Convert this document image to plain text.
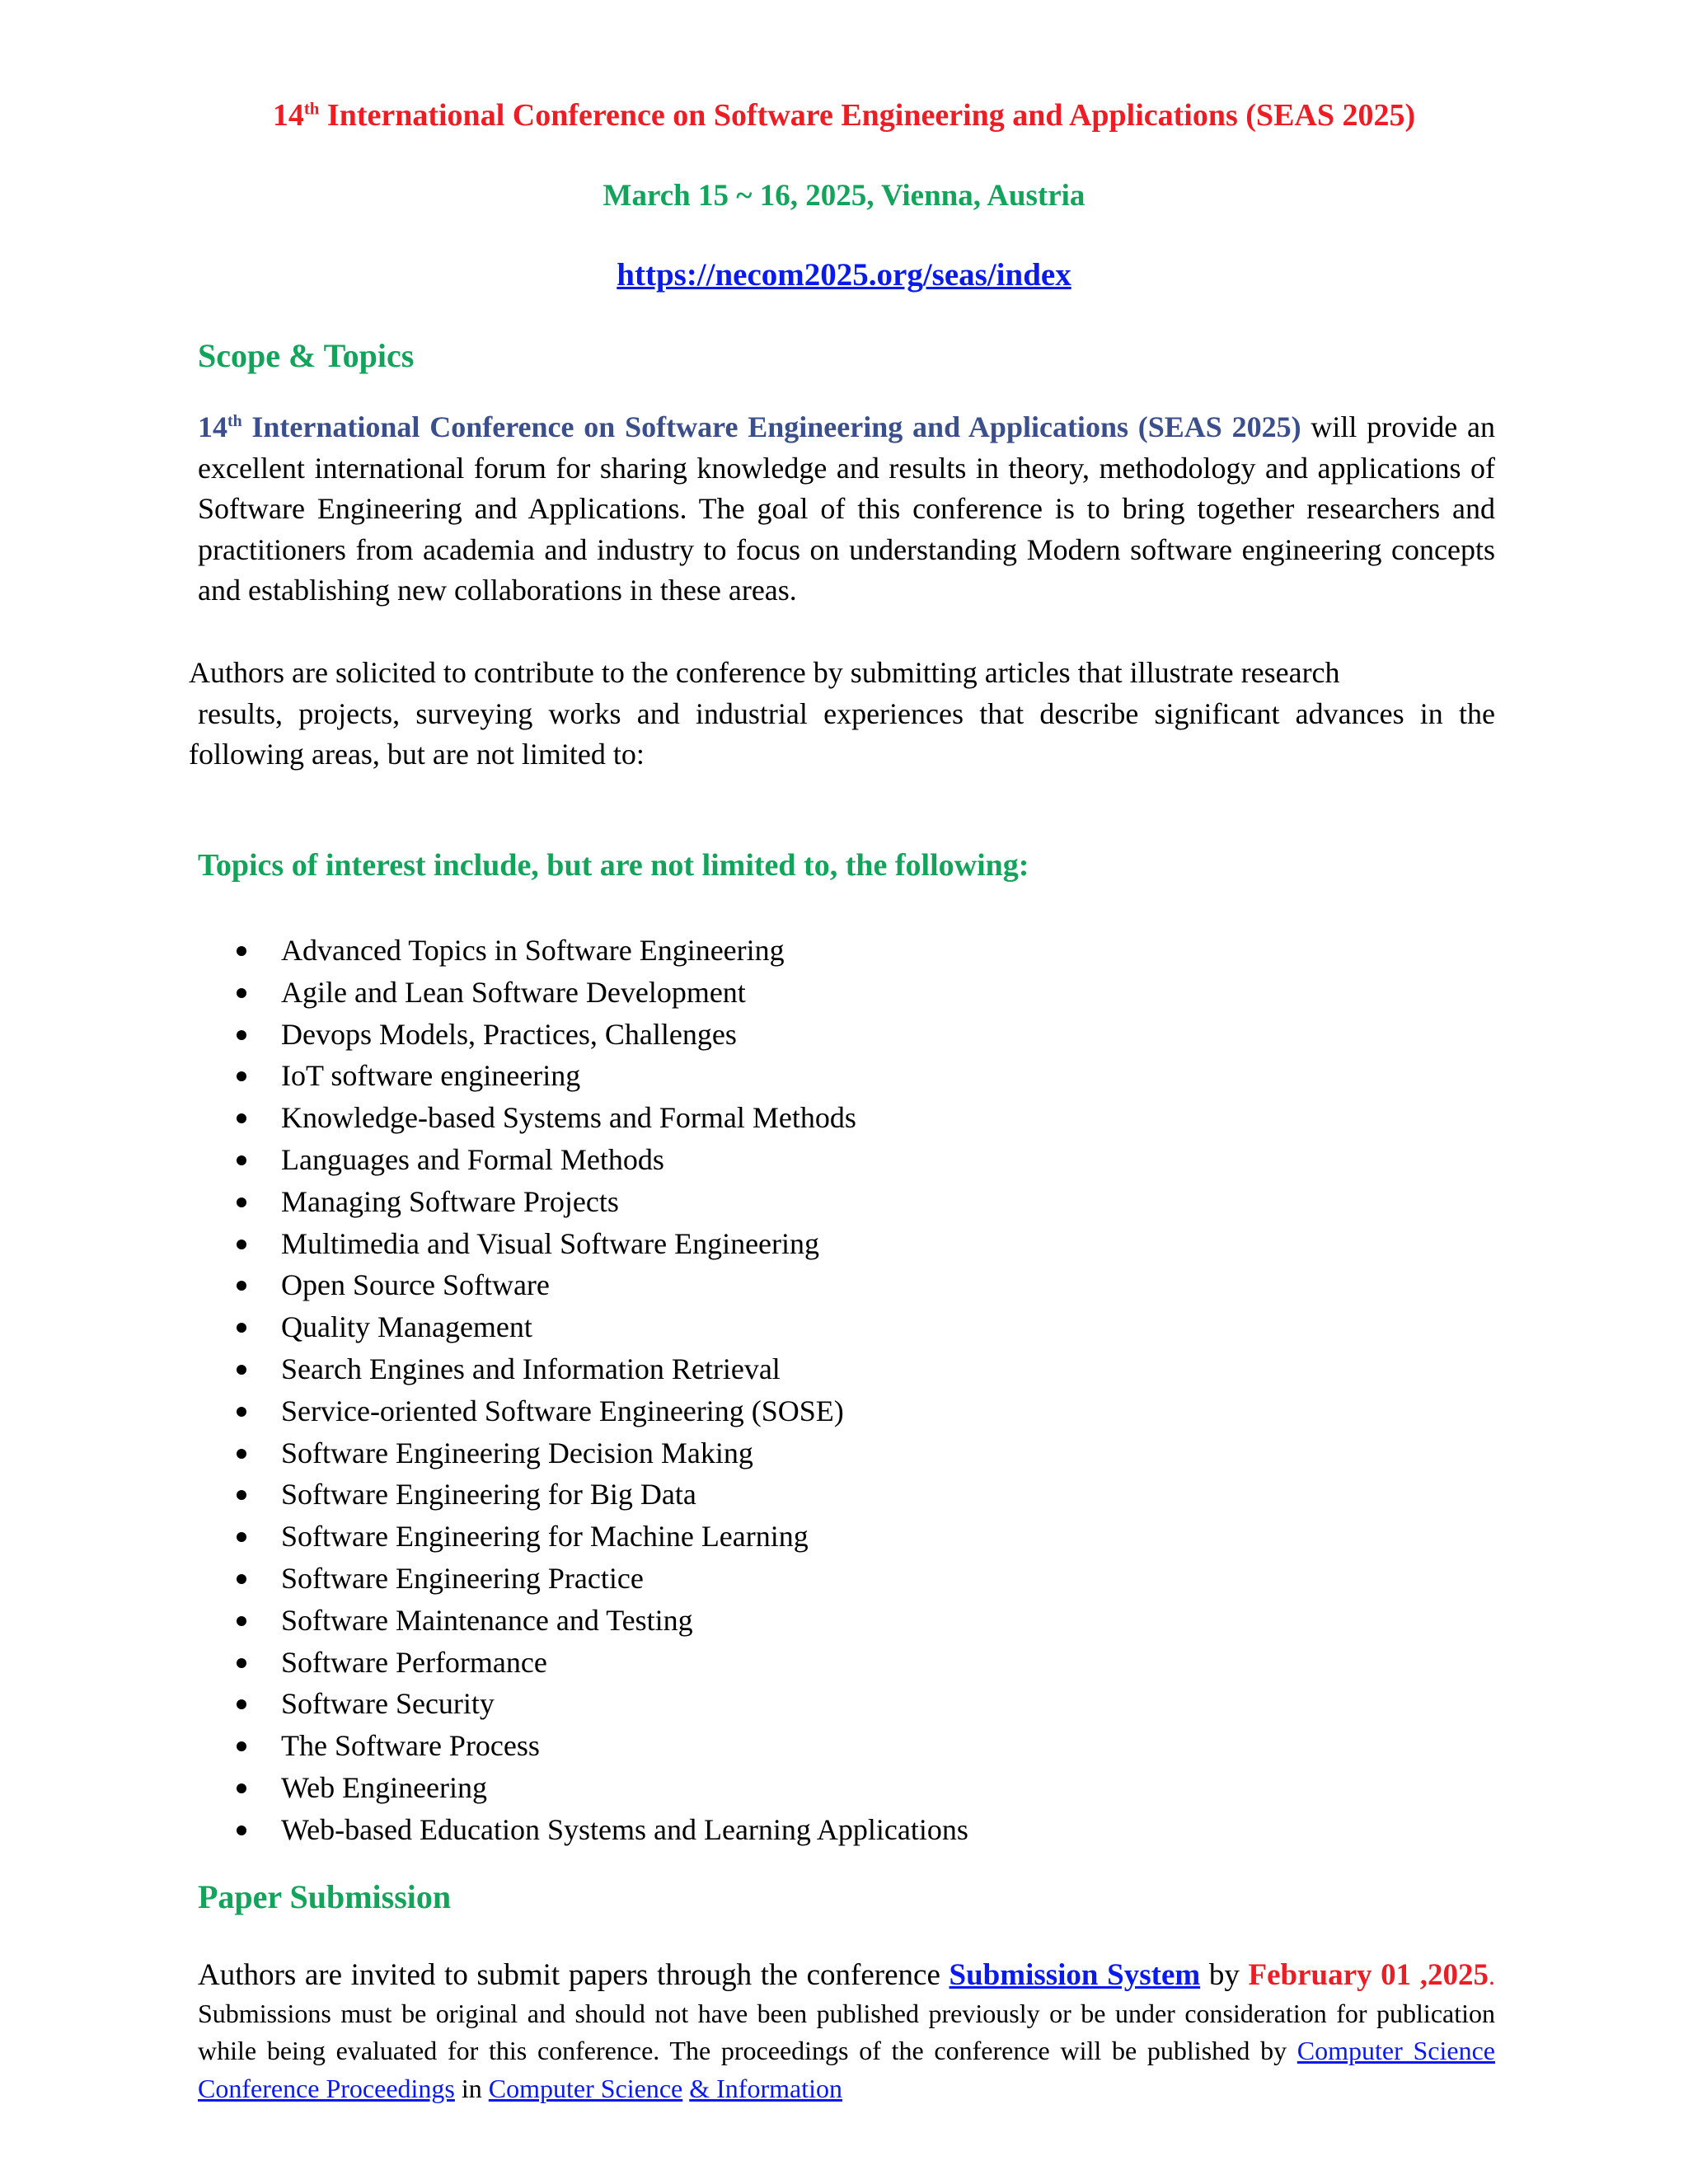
14th International Conference on Software Engineering and Applications (SEAS 2025)
March 15 ~ 16, 2025, Vienna, Austria
https://necom2025.org/seas/index
Scope & Topics
14th International Conference on Software Engineering and Applications (SEAS 2025) will provide an excellent international forum for sharing knowledge and results in theory, methodology and applications of Software Engineering and Applications. The goal of this conference is to bring together researchers and practitioners from academia and industry to focus on understanding Modern software engineering concepts and establishing new collaborations in these areas.
Authors are solicited to contribute to the conference by submitting articles that illustrate research
results, projects, surveying works and industrial experiences that describe significant advances in the following areas, but are not limited to:
Topics of interest include, but are not limited to, the following:
Advanced Topics in Software Engineering
Agile and Lean Software Development
Devops Models, Practices, Challenges
IoT software engineering
Knowledge-based Systems and Formal Methods
Languages and Formal Methods
Managing Software Projects
Multimedia and Visual Software Engineering
Open Source Software
Quality Management
Search Engines and Information Retrieval
Service-oriented Software Engineering (SOSE)
Software Engineering Decision Making
Software Engineering for Big Data
Software Engineering for Machine Learning
Software Engineering Practice
Software Maintenance and Testing
Software Performance
Software Security
The Software Process
Web Engineering
Web-based Education Systems and Learning Applications
Paper Submission
Authors are invited to submit papers through the conference Submission System by February 01 ,2025. Submissions must be original and should not have been published previously or be under consideration for publication while being evaluated for this conference. The proceedings of the conference will be published by Computer Science Conference Proceedings in Computer Science & Information
